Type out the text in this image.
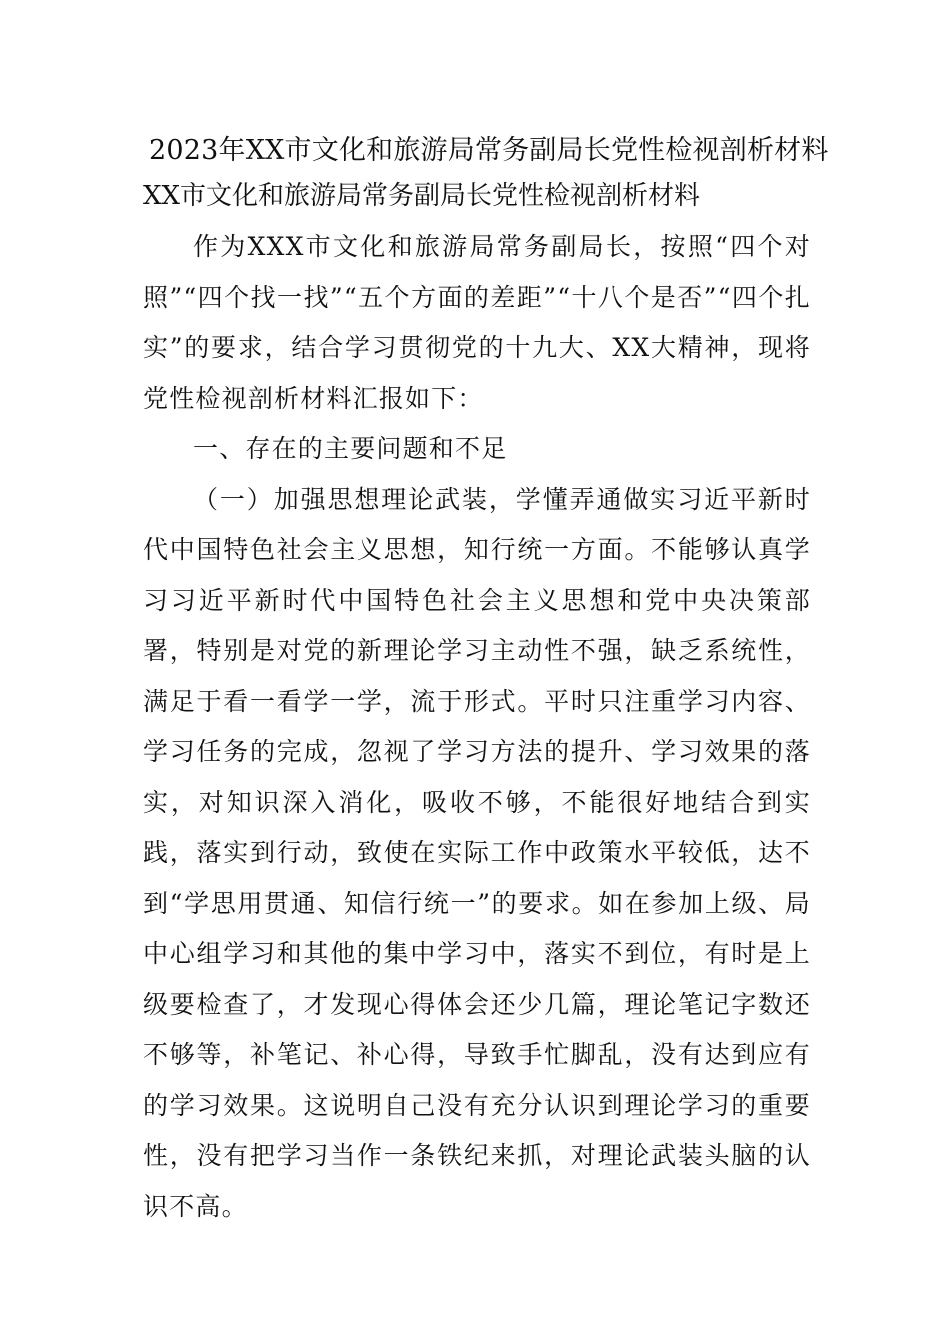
2023年XX市文化和旅游局常务副局长党性检视剖析材料
XX市文化和旅游局常务副局长党性检视剖析材料

作为XXX市文化和旅游局常务副局长，按照“四个对照”“四个找一找”“五个方面的差距”“十八个是否”“四个扎实”的要求，结合学习贯彻党的十九大、XX大精神，现将党性检视剖析材料汇报如下：

一、存在的主要问题和不足

（一）加强思想理论武装，学懂弄通做实习近平新时代中国特色社会主义思想，知行统一方面。不能够认真学习习近平新时代中国特色社会主义思想和党中央决策部署，特别是对党的新理论学习主动性不强，缺乏系统性，满足于看一看学一学，流于形式。平时只注重学习内容、学习任务的完成，忽视了学习方法的提升、学习效果的落实，对知识深入消化，吸收不够，不能很好地结合到实践，落实到行动，致使在实际工作中政策水平较低，达不到“学思用贯通、知信行统一”的要求。如在参加上级、局中心组学习和其他的集中学习中，落实不到位，有时是上级要检查了，才发现心得体会还少几篇，理论笔记字数还不够等，补笔记、补心得，导致手忙脚乱，没有达到应有的学习效果。这说明自己没有充分认识到理论学习的重要性，没有把学习当作一条铁纪来抓，对理论武装头脑的认识不高。
